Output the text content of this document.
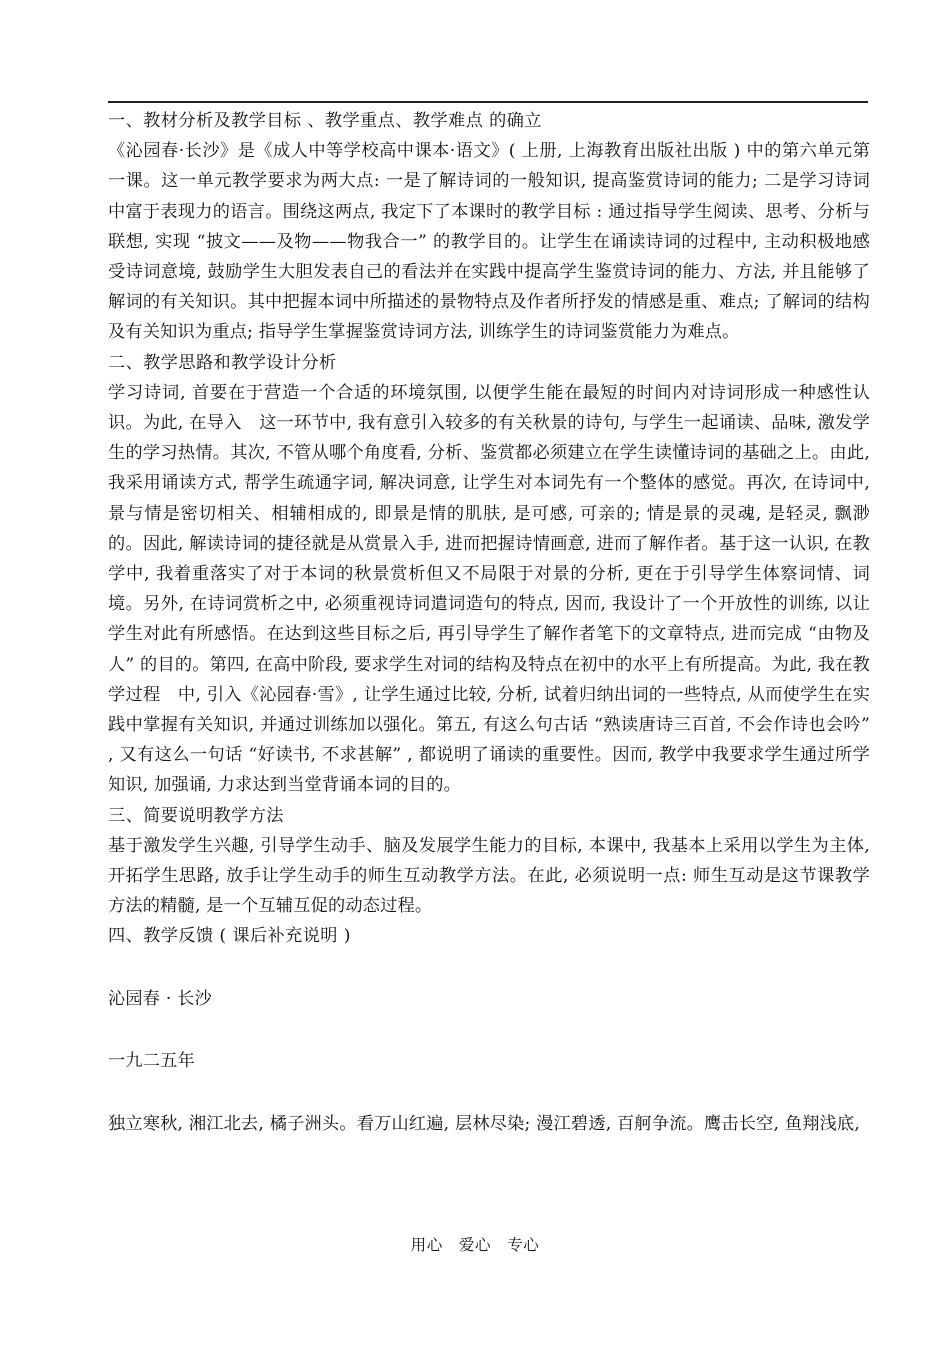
一、教材分析及教学目标 、教学重点、教学难点 的确立

《沁园春·长沙》是《成人中等学校高中课本·语文》( 上册, 上海教育出版社出版 ) 中的第六单元第一课。这一单元教学要求为两大点: 一是了解诗词的一般知识, 提高鉴赏诗词的能力; 二是学习诗词中富于表现力的语言。围绕这两点, 我定下了本课时的教学目标 : 通过指导学生阅读、思考、分析与联想, 实现 “披文——及物——物我合一” 的教学目的。让学生在诵读诗词的过程中, 主动积极地感受诗词意境, 鼓励学生大胆发表自己的看法并在实践中提高学生鉴赏诗词的能力、方法, 并且能够了解词的有关知识。其中把握本词中所描述的景物特点及作者所抒发的情感是重、难点; 了解词的结构及有关知识为重点; 指导学生掌握鉴赏诗词方法, 训练学生的诗词鉴赏能力为难点。

二、教学思路和教学设计分析

学习诗词, 首要在于营造一个合适的环境氛围, 以便学生能在最短的时间内对诗词形成一种感性认识。为此, 在导入　这一环节中, 我有意引入较多的有关秋景的诗句, 与学生一起诵读、品味, 激发学生的学习热情。其次, 不管从哪个角度看, 分析、鉴赏都必须建立在学生读懂诗词的基础之上。由此, 我采用诵读方式, 帮学生疏通字词, 解决词意, 让学生对本词先有一个整体的感觉。再次, 在诗词中, 景与情是密切相关、相辅相成的, 即景是情的肌肤, 是可感, 可亲的; 情是景的灵魂, 是轻灵, 飘渺的。因此, 解读诗词的捷径就是从赏景入手, 进而把握诗情画意, 进而了解作者。基于这一认识, 在教学中, 我着重落实了对于本词的秋景赏析但又不局限于对景的分析, 更在于引导学生体察词情、词境。另外, 在诗词赏析之中, 必须重视诗词遣词造句的特点, 因而, 我设计了一个开放性的训练, 以让学生对此有所感悟。在达到这些目标之后, 再引导学生了解作者笔下的文章特点, 进而完成 “由物及人” 的目的。第四, 在高中阶段, 要求学生对词的结构及特点在初中的水平上有所提高。为此, 我在教学过程　中, 引入《沁园春·雪》, 让学生通过比较, 分析, 试着归纳出词的一些特点, 从而使学生在实践中掌握有关知识, 并通过训练加以强化。第五, 有这么句古话 “熟读唐诗三百首, 不会作诗也会吟” , 又有这么一句话 “好读书, 不求甚解” , 都说明了诵读的重要性。因而, 教学中我要求学生通过所学知识, 加强诵, 力求达到当堂背诵本词的目的。

三、简要说明教学方法

基于激发学生兴趣, 引导学生动手、脑及发展学生能力的目标, 本课中, 我基本上采用以学生为主体, 开拓学生思路, 放手让学生动手的师生互动教学方法。在此, 必须说明一点: 师生互动是这节课教学方法的精髓, 是一个互辅互促的动态过程。

四、教学反馈 ( 课后补充说明 )

沁园春 · 长沙

一九二五年

独立寒秋, 湘江北去, 橘子洲头。看万山红遍, 层林尽染; 漫江碧透, 百舸争流。鹰击长空, 鱼翔浅底,

用心　爱心　专心
